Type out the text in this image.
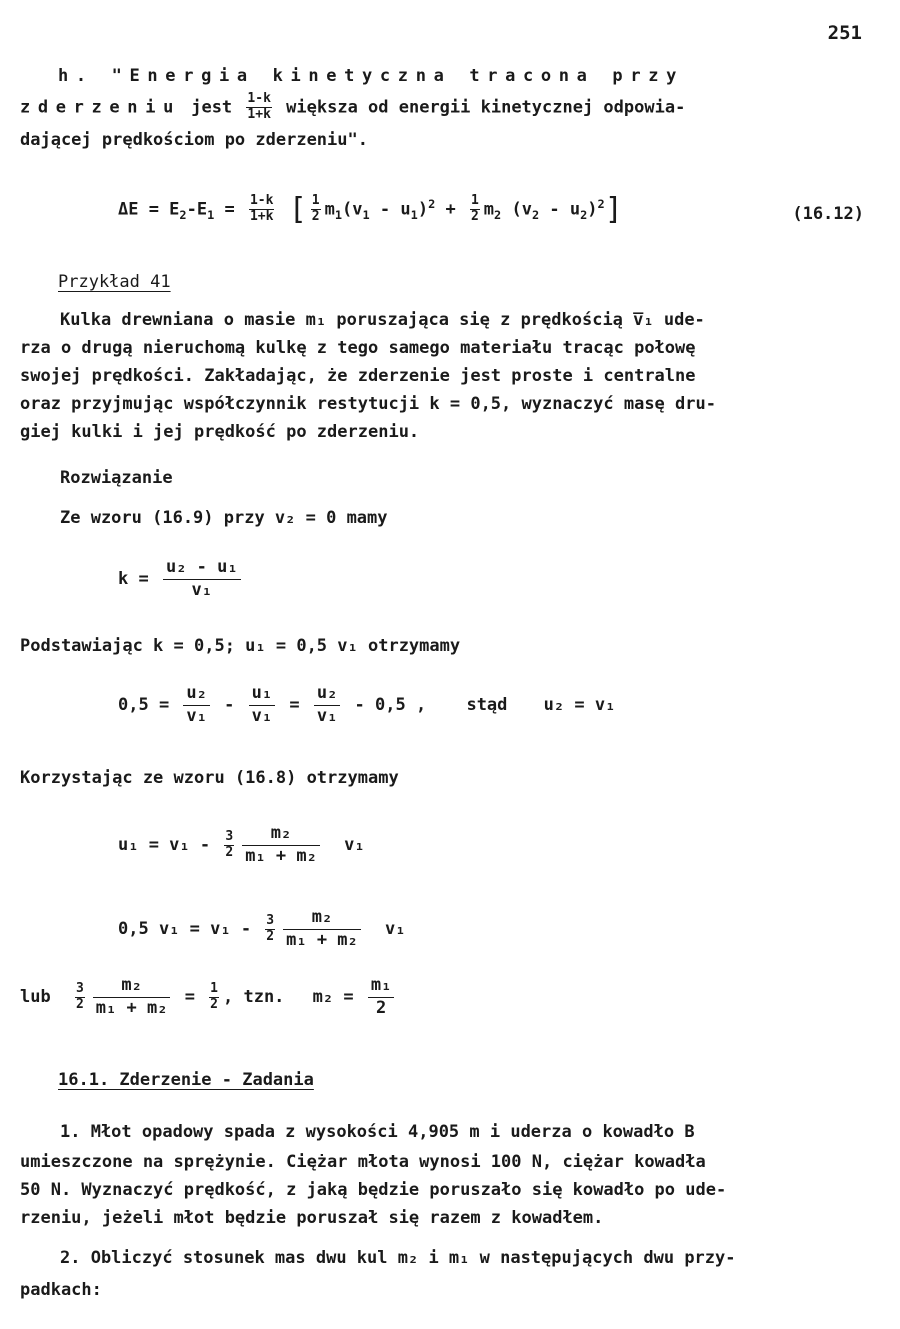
251
h. "Energia kinetyczna tracona przy
zderzeniu jest $\frac{1-k}{1+k}$ większa od energii kinetycznej odpowia-
dającej prędkościom po zderzeniu".
$\Delta E = E_2-E_1 = \frac{1-k}{1+k}$ [ $\frac{1}{2} m_1(v_1 - u_1)^2 + \frac{1}{2} m_2$ $(v_2 - u_2)^2$]	(16.12)
Przykład 41
Kulka drewniana o masie m₁ poruszająca się z prędkością v̅₁ ude-
rza o drugą nieruchomą kulkę z tego samego materiału tracąc połowę
swojej prędkości. Zakładając, że zderzenie jest proste i centralne
oraz przyjmując współczynnik restytucji k = 0,5, wyznaczyć masę dru-
giej kulki i jej prędkość po zderzeniu.
Rozwiązanie
Ze wzoru (16.9) przy v₂ = 0 mamy
$k = \frac{\text{u₂ - u₁}}{\text{v₁}}$
Podstawiając k = 0,5; u₁ = 0,5 v₁ otrzymamy
$0,5 = \frac{\text{u₂}}{\text{v₁}} - \frac{\text{u₁}}{\text{v₁}} = \frac{\text{u₂}}{\text{v₁}} - 0,5$ , stąd u₂ = v₁
Korzystając ze wzoru (16.8) otrzymamy
$u_1 = v_1 - \frac{3}{2} \frac{\text{m₂}}{\text{m₁ + m₂}} v_1$
0,5 $v_1 = v_1 - \frac{3}{2} \frac{\text{m₂}}{\text{m₁ + m₂}} v_1$
lub $\frac{3}{2} \frac{\text{m₂}}{\text{m₁ + m₂}} = \frac{1}{2}$ , tzn. $m_2 = \frac{\text{m₁}}{2}$
16.1. Zderzenie - Zadania
1. Młot opadowy spada z wysokości 4,905 m i uderza o kowadło B
umieszczone na sprężynie. Ciężar młota wynosi 100 N, ciężar kowadła
50 N. Wyznaczyć prędkość, z jaką będzie poruszało się kowadło po ude-
rzeniu, jeżeli młot będzie poruszał się razem z kowadłem.
2. Obliczyć stosunek mas dwu kul m₂ i m₁ w następujących dwu przy-
padkach:
